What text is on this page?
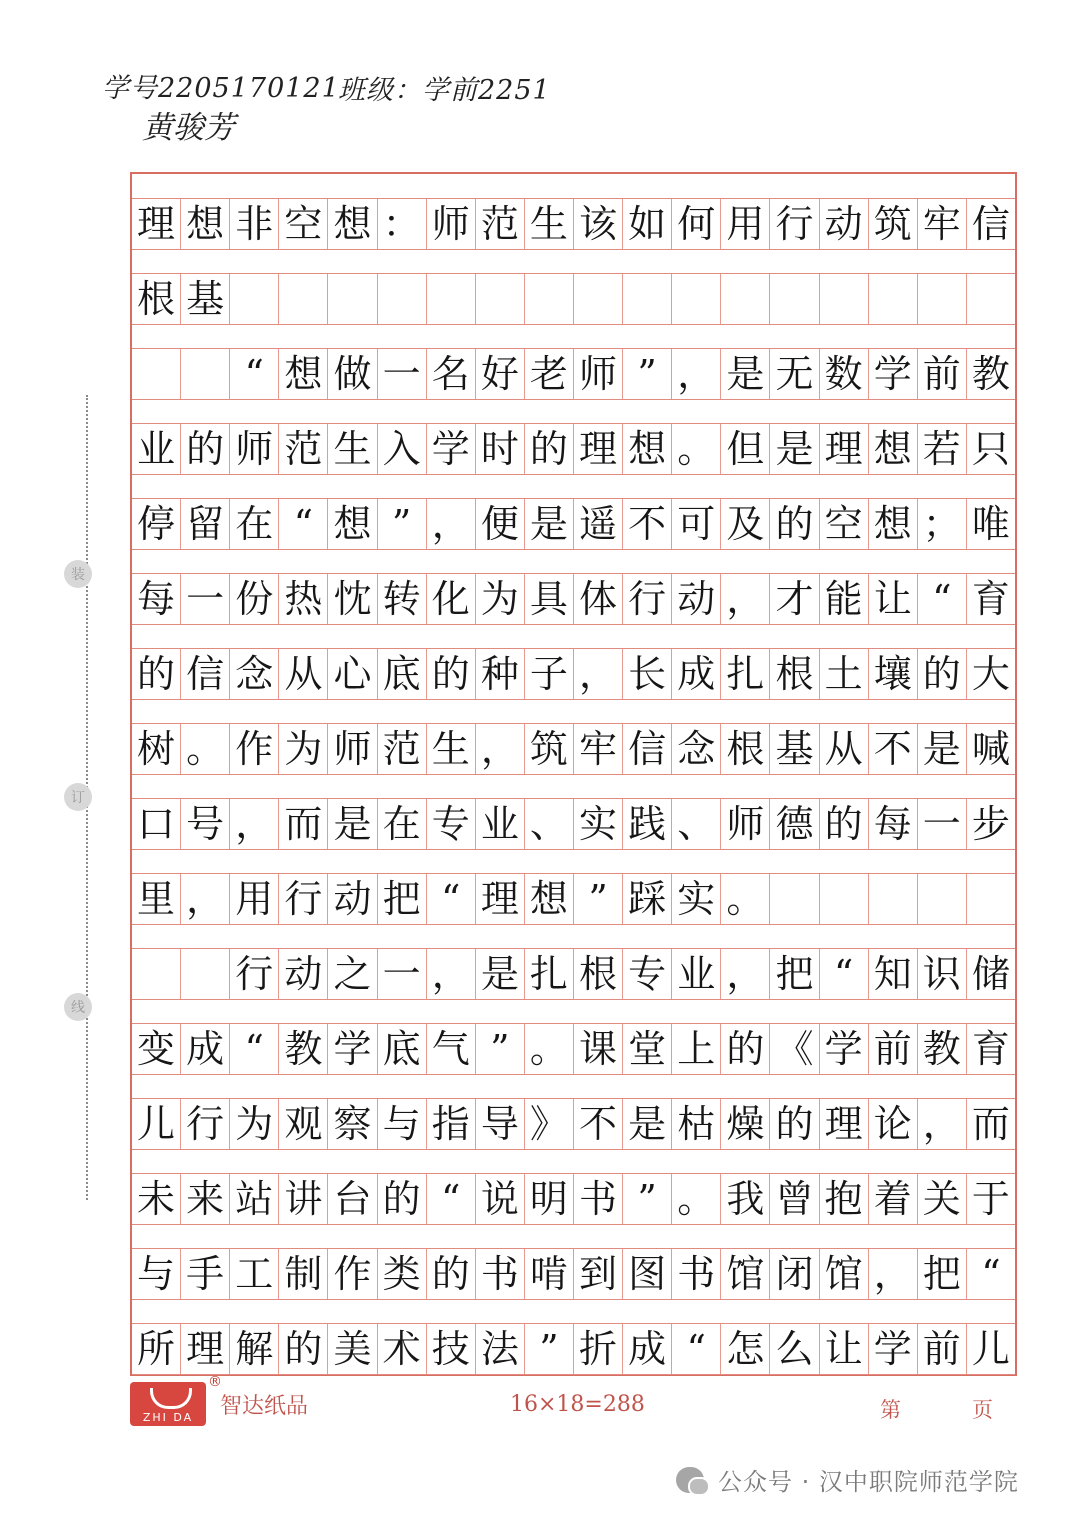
学号2205170121
班级：学前2251
黄骏芳
装
订
线
理 想 非 空 想 ： 师 范 生 该 如 何 用 行 动 筑 牢 信
根 基
“ 想 做 一 名 好 老 师 ” ， 是 无 数 学 前 教
业 的 师 范 生 入 学 时 的 理 想 。 但 是 理 想 若 只
停 留 在 “ 想 ” ， 便 是 遥 不 可 及 的 空 想 ； 唯
每 一 份 热 忱 转 化 为 具 体 行 动 ， 才 能 让 “ 育
的 信 念 从 心 底 的 种 子 ， 长 成 扎 根 土 壤 的 大
树 。 作 为 师 范 生 ， 筑 牢 信 念 根 基 从 不 是 喊
口 号 ， 而 是 在 专 业 、 实 践 、 师 德 的 每 一 步
里 ， 用 行 动 把 “ 理 想 ” 踩 实 。
行 动 之 一 ， 是 扎 根 专 业 ， 把 “ 知 识 储
变 成 “ 教 学 底 气 ” 。 课 堂 上 的 《 学 前 教 育
儿 行 为 观 察 与 指 导 》 不 是 枯 燥 的 理 论 ， 而
未 来 站 讲 台 的 “ 说 明 书 ” 。 我 曾 抱 着 关 于
与 手 工 制 作 类 的 书 啃 到 图 书 馆 闭 馆 ， 把 “
所 理 解 的 美 术 技 法 ” 折 成 “ 怎 么 让 学 前 儿
ZHI DA
®
智达纸品	16×18=288	第	页
公众号 · 汉中职院师范学院
